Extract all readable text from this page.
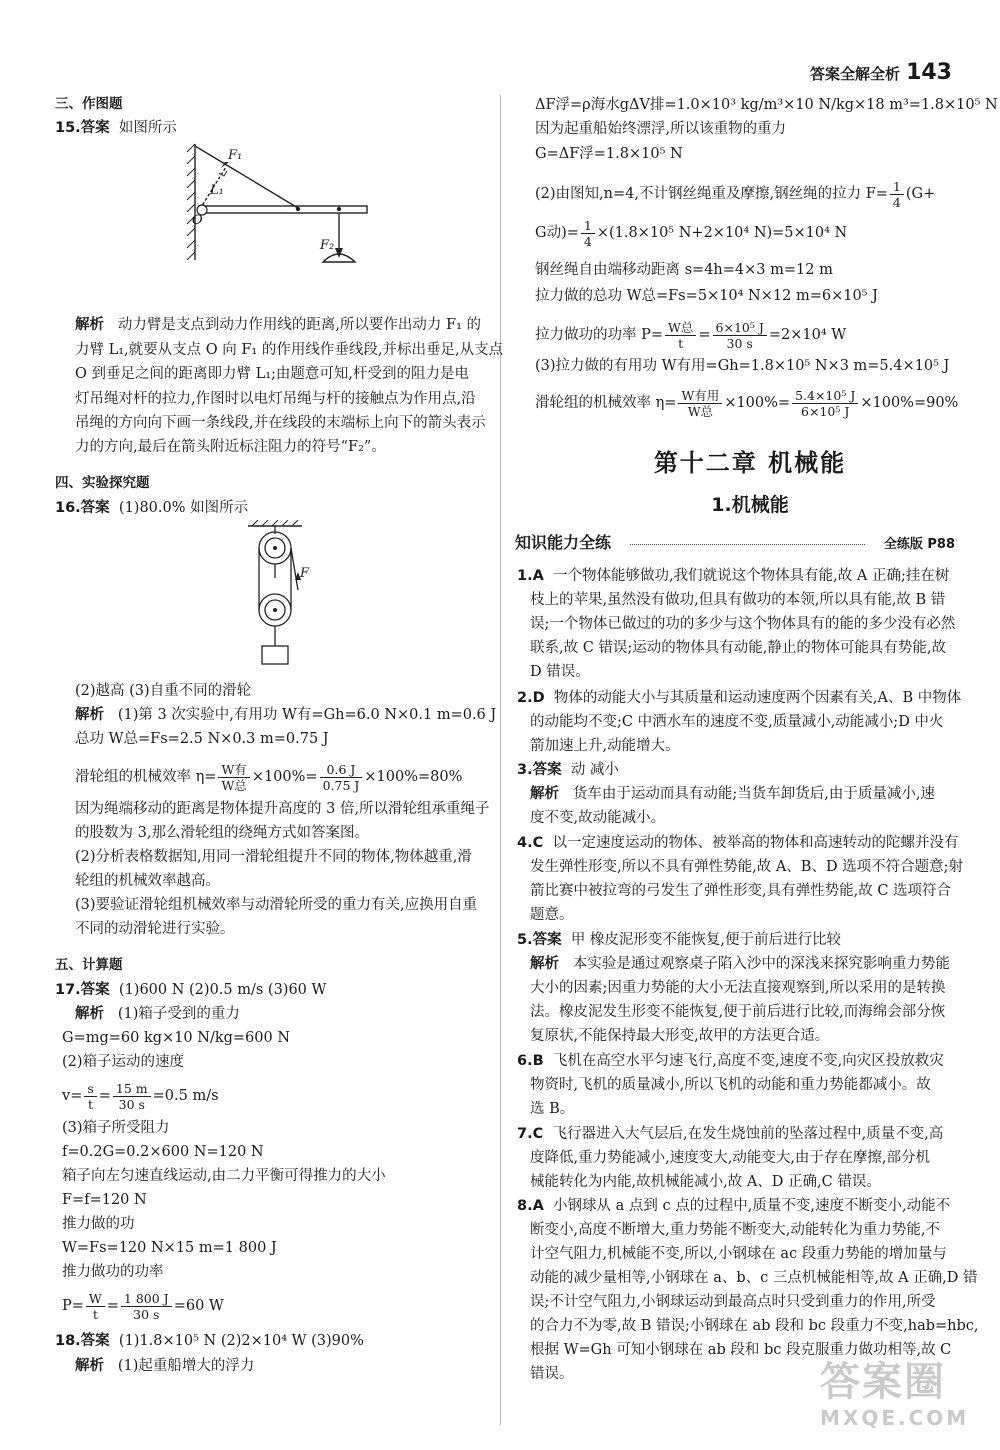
答案全解全析 143
三、作图题
15.答案 如图所示
F₁
L₁
O
F₂
解析 动力臂是支点到动力作用线的距离,所以要作出动力 F₁ 的
力臂 L₁,就要从支点 O 向 F₁ 的作用线作垂线段,并标出垂足,从支点
O 到垂足之间的距离即力臂 L₁;由题意可知,杆受到的阻力是电
灯吊绳对杆的拉力,作图时以电灯吊绳与杆的接触点为作用点,沿
吊绳的方向向下画一条线段,并在线段的末端标上向下的箭头表示
力的方向,最后在箭头附近标注阻力的符号“F₂”。
四、实验探究题
16.答案 (1)80.0% 如图所示
F
(2)越高 (3)自重不同的滑轮
解析 (1)第 3 次实验中,有用功 W有=Gh=6.0 N×0.1 m=0.6 J
总功 W总=Fs=2.5 N×0.3 m=0.75 J
滑轮组的机械效率 $\eta= \frac{\text{W有}}{\text{W总}} \times 100\%= \frac{0.6 J}{0.75 J} \times 100\%=80\%$
因为绳端移动的距离是物体提升高度的 3 倍,所以滑轮组承重绳子
的股数为 3,那么滑轮组的绕绳方式如答案图。
(2)分析表格数据知,用同一滑轮组提升不同的物体,物体越重,滑
轮组的机械效率越高。
(3)要验证滑轮组机械效率与动滑轮所受的重力有关,应换用自重
不同的动滑轮进行实验。
五、计算题
17.答案 (1)600 N (2)0.5 m/s (3)60 W
解析 (1)箱子受到的重力
G=mg=60 kg×10 N/kg=600 N
(2)箱子运动的速度
$v= \frac{s}{t} = \frac{15 m}{30 s} =0.5$ m/s
(3)箱子所受阻力
f=0.2G=0.2×600 N=120 N
箱子向左匀速直线运动,由二力平衡可得推力的大小
F=f=120 N
推力做的功
W=Fs=120 N×15 m=1 800 J
推力做功的功率
$P= \frac{W}{t} = \frac{1 800 J}{30 s} =60$ W
18.答案 (1)1.8×10⁵ N (2)2×10⁴ W (3)90%
解析 (1)起重船增大的浮力
ΔF浮=ρ海水gΔV排=1.0×10³ kg/m³×10 N/kg×18 m³=1.8×10⁵ N
因为起重船始终漂浮,所以该重物的重力
G=ΔF浮=1.8×10⁵ N
(2)由图知,n=4,不计钢丝绳重及摩擦,钢丝绳的拉力 $F= \frac{1}{4} (G+$
G动)= $\frac{1}{4} \times(1.8\times 10^5$ N+2×10⁴ N)=5×10⁴ N
钢丝绳自由端移动距离 s=4h=4×3 m=12 m
拉力做的总功 W总=Fs=5×10⁴ N×12 m=6×10⁵ J
拉力做功的功率 $P= \frac{\text{W总}}{t} = \frac{\text{6×10⁵ J}}{30 s} =2\times 10^4$ W
(3)拉力做的有用功 W有用=Gh=1.8×10⁵ N×3 m=5.4×10⁵ J
滑轮组的机械效率 $\eta= \frac{\text{W有用}}{\text{W总}} \times 100\%= \frac{\text{5.4×10⁵ J}}{\text{6×10⁵ J}} \times 100\%=90\%$
第十二章 机械能
1.机械能
知识能力全练	全练版 P88
1.A 一个物体能够做功,我们就说这个物体具有能,故 A 正确;挂在树
枝上的苹果,虽然没有做功,但具有做功的本领,所以具有能,故 B 错
误;一个物体已做过的功的多少与这个物体具有的能的多少没有必然
联系,故 C 错误;运动的物体具有动能,静止的物体可能具有势能,故
D 错误。
2.D 物体的动能大小与其质量和运动速度两个因素有关,A、B 中物体
的动能均不变;C 中洒水车的速度不变,质量减小,动能减小;D 中火
箭加速上升,动能增大。
3.答案 动 减小
解析 货车由于运动而具有动能;当货车卸货后,由于质量减小,速
度不变,故动能减小。
4.C 以一定速度运动的物体、被举高的物体和高速转动的陀螺并没有
发生弹性形变,所以不具有弹性势能,故 A、B、D 选项不符合题意;射
箭比赛中被拉弯的弓发生了弹性形变,具有弹性势能,故 C 选项符合
题意。
5.答案 甲 橡皮泥形变不能恢复,便于前后进行比较
解析 本实验是通过观察桌子陷入沙中的深浅来探究影响重力势能
大小的因素;因重力势能的大小无法直接观察到,所以采用的是转换
法。橡皮泥发生形变不能恢复,便于前后进行比较,而海绵会部分恢
复原状,不能保持最大形变,故甲的方法更合适。
6.B 飞机在高空水平匀速飞行,高度不变,速度不变,向灾区投放救灾
物资时,飞机的质量减小,所以飞机的动能和重力势能都减小。故
选 B。
7.C 飞行器进入大气层后,在发生烧蚀前的坠落过程中,质量不变,高
度降低,重力势能减小,速度变大,动能变大,由于存在摩擦,部分机
械能转化为内能,故机械能减小,故 A、D 正确,C 错误。
8.A 小钢球从 a 点到 c 点的过程中,质量不变,速度不断变小,动能不
断变小,高度不断增大,重力势能不断变大,动能转化为重力势能,不
计空气阻力,机械能不变,所以,小钢球在 ac 段重力势能的增加量与
动能的减少量相等,小钢球在 a、b、c 三点机械能相等,故 A 正确,D 错
误;不计空气阻力,小钢球运动到最高点时只受到重力的作用,所受
的合力不为零,故 B 错误;小钢球在 ab 段和 bc 段重力不变,hab=hbc,
根据 W=Gh 可知小钢球在 ab 段和 bc 段克服重力做功相等,故 C
错误。	答案圈
MXQE.COM
